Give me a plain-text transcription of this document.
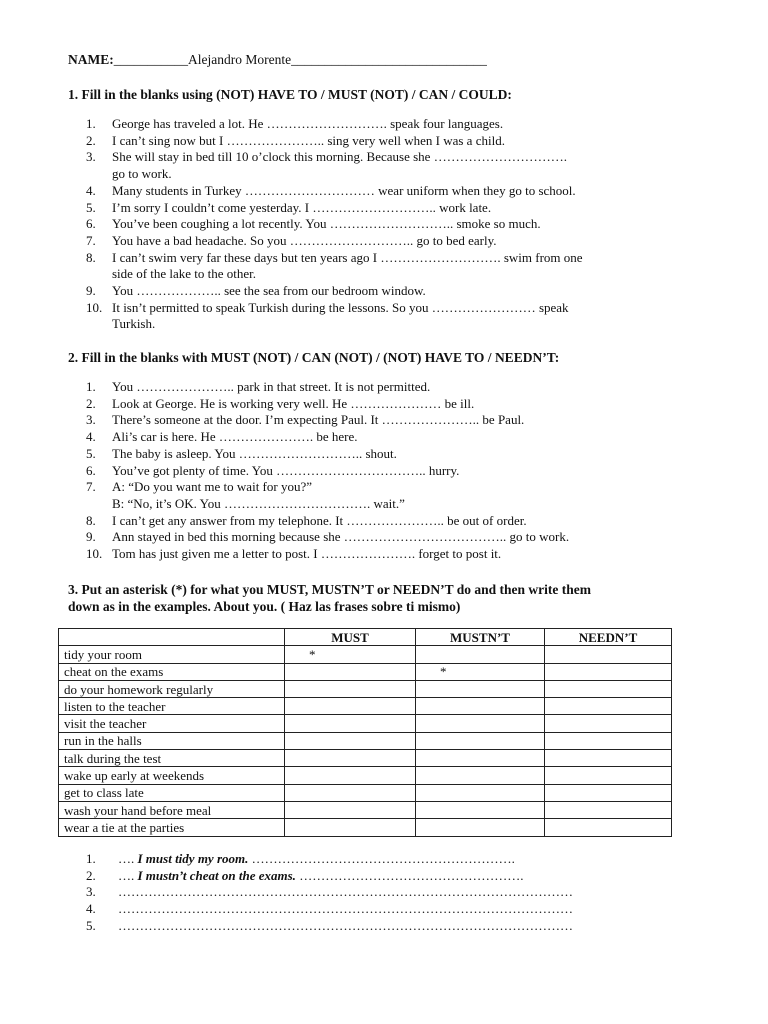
NAME:___________Alejandro Morente_____________________________
1. Fill in the blanks using (NOT) HAVE TO / MUST (NOT) / CAN / COULD:
1.	George has traveled a lot. He ………………………. speak four languages.
2.	I can’t sing now but I ………………….. sing very well when I was a child.
3.	She will stay in bed till 10 o’clock this morning. Because she ………………………….
go to work.
4.	Many students in Turkey ………………………… wear uniform when they go to school.
5.	I’m sorry I couldn’t come yesterday. I ……………………….. work late.
6.	You’ve been coughing a lot recently. You ……………………….. smoke so much.
7.	You have a bad headache. So you ……………………….. go to bed early.
8.	I can’t swim very far these days but ten years ago I ………………………. swim from one
side of the lake to the other.
9.	You ……………….. see the sea from our bedroom window.
10. It isn’t permitted to speak Turkish during the lessons. So you …………………… speak
Turkish.
2. Fill in the blanks with MUST (NOT) / CAN (NOT) / (NOT) HAVE TO / NEEDN’T:
1.	You ………………….. park in that street. It is not permitted.
2.	Look at George. He is working very well. He ………………… be ill.
3.	There’s someone at the door. I’m expecting Paul. It ………………….. be Paul.
4.	Ali’s car is here. He …………………. be here.
5.	The baby is asleep. You ……………………….. shout.
6.	You’ve got plenty of time. You …………………………….. hurry.
7.	A: “Do you want me to wait for you?”
B: “No, it’s OK. You ……………………………. wait.”
8.	I can’t get any answer from my telephone. It ………………….. be out of order.
9.	Ann stayed in bed this morning because she ……………………………….. go to work.
10. Tom has just given me a letter to post. I …………………. forget to post it.
3. Put an asterisk (*) for what you MUST, MUSTN’T or NEEDN’T do and then write them
down as in the examples. About you. ( Haz las frases sobre ti mismo)
	MUST	MUSTN’T	NEEDN’T
tidy your room	*		
cheat on the exams		*	
do your homework regularly			
listen to the teacher			
visit the teacher			
run in the halls			
talk during the test			
wake up early at weekends			
get to class late			
wash your hand before meal			
wear a tie at the parties			
1. …. I must tidy my room. …………………………………………………….
2. …. I mustn’t cheat on the exams. …………………………………………….
3. ……………………………………………………………………………………………
4. ……………………………………………………………………………………………
5. ……………………………………………………………………………………………
